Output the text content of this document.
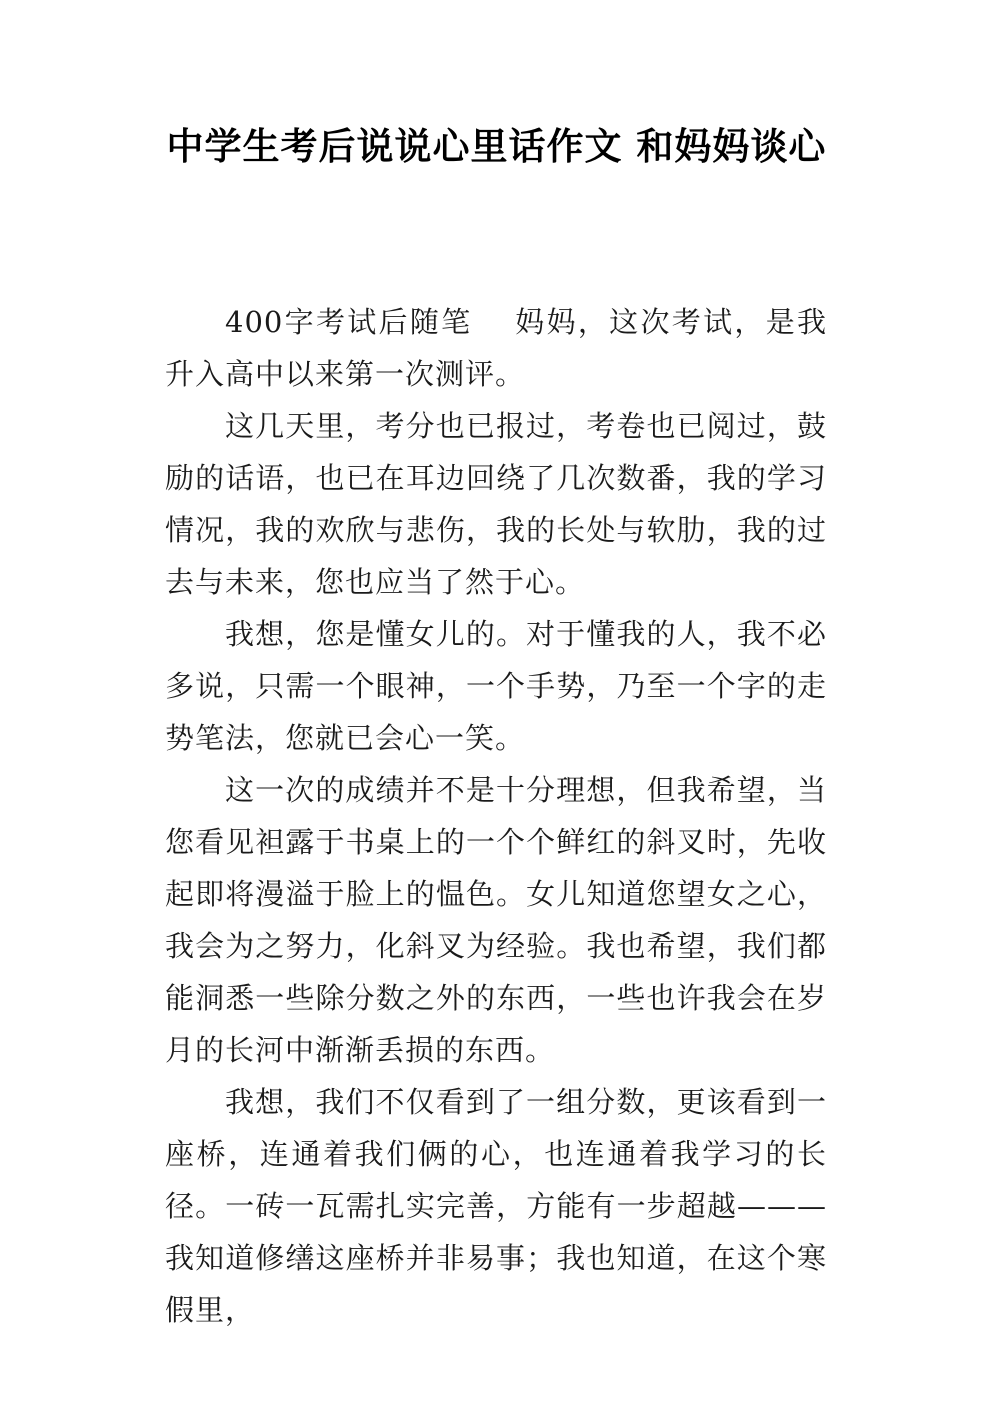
中学生考后说说心里话作文 和妈妈谈心

400字考试后随笔　 妈妈，这次考试，是我升入高中以来第一次测评。

这几天里，考分也已报过，考卷也已阅过，鼓励的话语，也已在耳边回绕了几次数番，我的学习情况，我的欢欣与悲伤，我的长处与软肋，我的过去与未来，您也应当了然于心。

我想，您是懂女儿的。对于懂我的人，我不必多说，只需一个眼神，一个手势，乃至一个字的走势笔法，您就已会心一笑。

这一次的成绩并不是十分理想，但我希望，当您看见袒露于书桌上的一个个鲜红的斜叉时，先收起即将漫溢于脸上的愠色。女儿知道您望女之心，我会为之努力，化斜叉为经验。我也希望，我们都能洞悉一些除分数之外的东西，一些也许我会在岁月的长河中渐渐丢损的东西。

我想，我们不仅看到了一组分数，更该看到一座桥，连通着我们俩的心，也连通着我学习的长径。一砖一瓦需扎实完善，方能有一步超越———我知道修缮这座桥并非易事；我也知道，在这个寒假里，
